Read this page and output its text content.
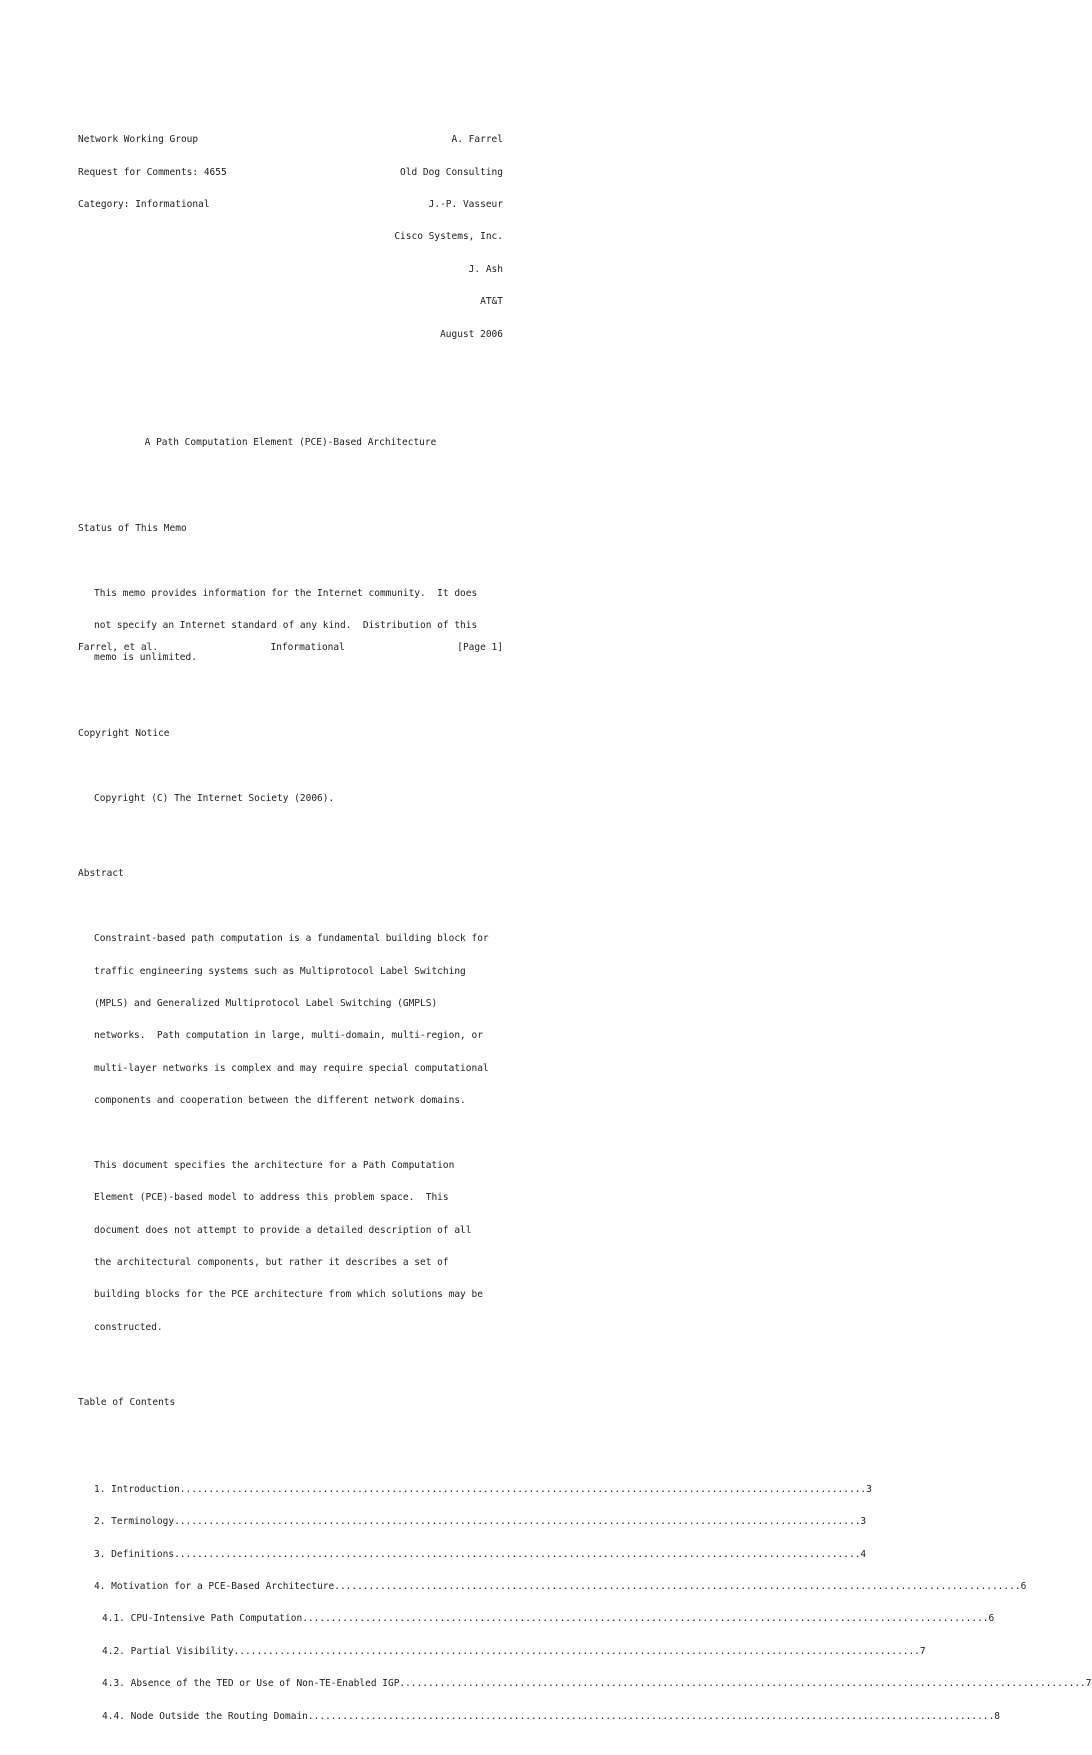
Network Working Group	A. Farrel

Request for Comments: 4655	Old Dog Consulting

Category: Informational	J.-P. Vasseur

Cisco Systems, Inc.

J. Ash

AT&T

August 2006

A Path Computation Element (PCE)-Based Architecture

Status of This Memo

This memo provides information for the Internet community.  It does

not specify an Internet standard of any kind.  Distribution of this

memo is unlimited.

Copyright Notice

Copyright (C) The Internet Society (2006).

Abstract

Constraint-based path computation is a fundamental building block for

traffic engineering systems such as Multiprotocol Label Switching

(MPLS) and Generalized Multiprotocol Label Switching (GMPLS)

networks.  Path computation in large, multi-domain, multi-region, or

multi-layer networks is complex and may require special computational

components and cooperation between the different network domains.

This document specifies the architecture for a Path Computation

Element (PCE)-based model to address this problem space.  This

document does not attempt to provide a detailed description of all

the architectural components, but rather it describes a set of

building blocks for the PCE architecture from which solutions may be

constructed.

Table of Contents

1. Introduction .....	3

2. Terminology .....	3

3. Definitions .....	4

4. Motivation for a PCE-Based Architecture .....	6

4.1. CPU-Intensive Path Computation .....	6

4.2. Partial Visibility .....	7

4.3. Absence of the TED or Use of Non-TE-Enabled IGP .....	7

4.4. Node Outside the Routing Domain .....	8

Farrel, et al.	Informational	[Page 1]
